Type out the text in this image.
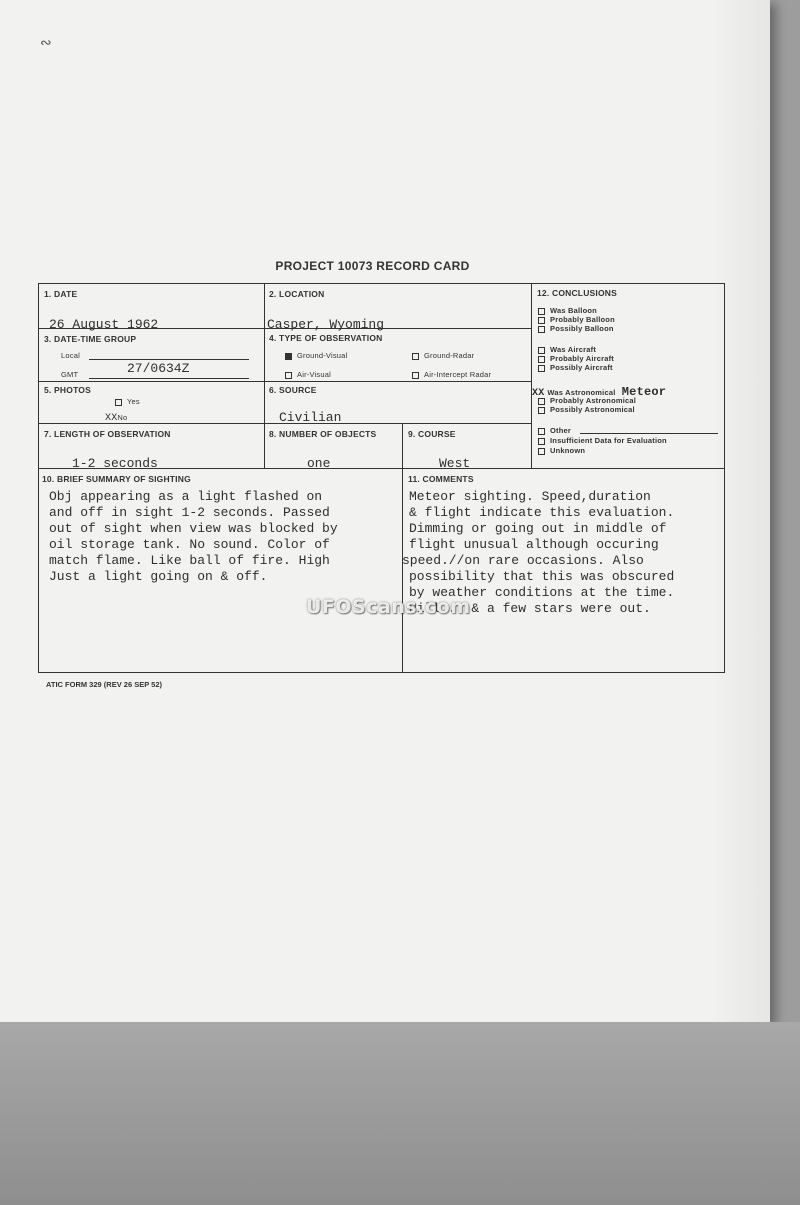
∾
PROJECT 10073 RECORD CARD
1. DATE
26 August 1962
2. LOCATION
Casper, Wyoming
3. DATE-TIME GROUP
Local
GMT	27/0634Z
4. TYPE OF OBSERVATION
Ground-Visual	Ground-Radar
Air-Visual	Air-Intercept Radar
5. PHOTOS
Yes
XXNo
6. SOURCE
Civilian
7. LENGTH OF OBSERVATION
1-2 seconds
8. NUMBER OF OBJECTS
one
9. COURSE
West
10. BRIEF SUMMARY OF SIGHTING
Obj appearing as a light flashed on
and off in sight 1-2 seconds. Passed
out of sight when view was blocked by
oil storage tank. No sound. Color of
match flame. Like ball of fire. High
Just a light going on & off.
11. COMMENTS
Meteor sighting. Speed,duration
& flight indicate this evaluation.
Dimming or going out in middle of
flight unusual although occuring
speed.//on rare occasions. Also
possibility that this was obscured
by weather conditions at the time.
Hill... & a few stars were out.
12. CONCLUSIONS
Was Balloon
Probably Balloon
Possibly Balloon
Was Aircraft
Probably Aircraft
Possibly Aircraft
XX Was Astronomical Meteor
Probably Astronomical
Possibly Astronomical
Other
Insufficient Data for Evaluation
Unknown
UFOScans.com
ATIC FORM 329 (REV 26 SEP 52)
